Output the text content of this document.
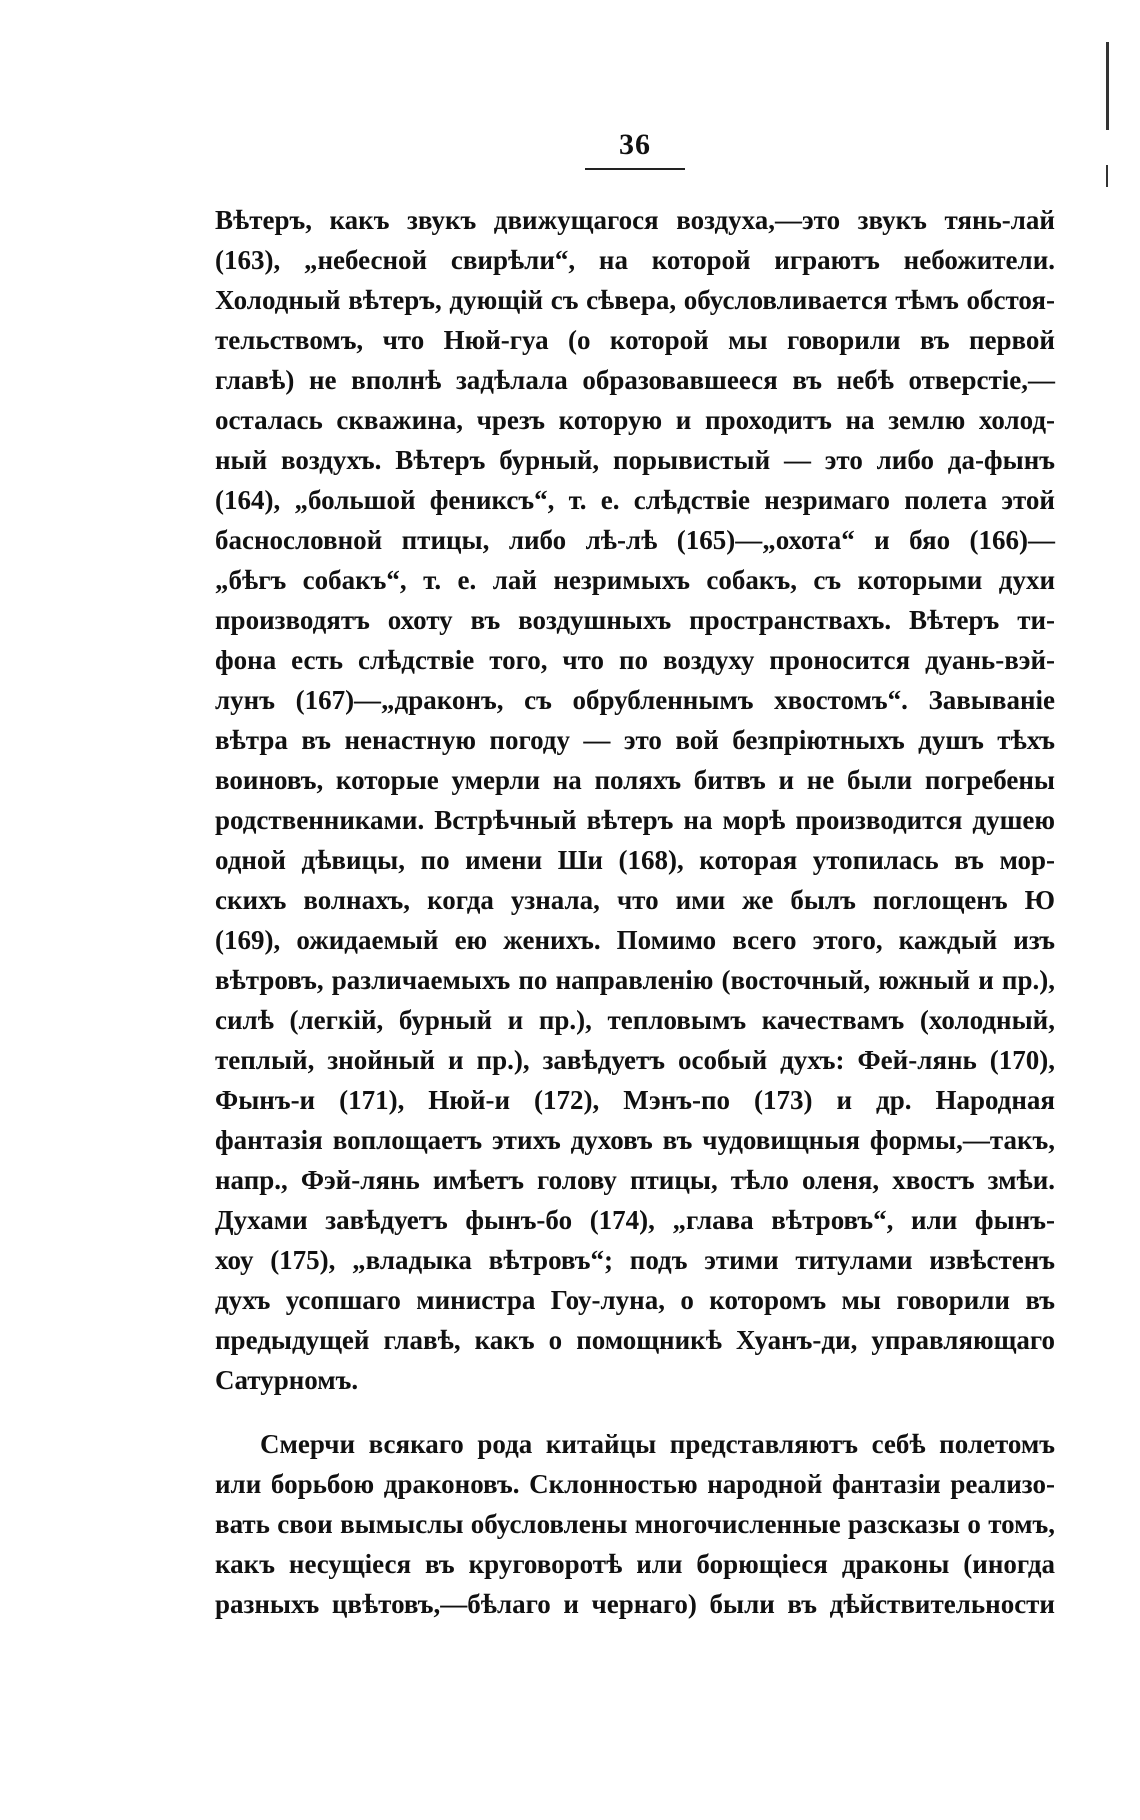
36
Вѣтеръ, какъ звукъ движущагося воздуха,—это звукъ тянь-лай
(163), „небесной свирѣли“, на которой играютъ небожители.
Холодный вѣтеръ, дующій съ сѣвера, обусловливается тѣмъ обстоя-
тельствомъ, что Нюй-гуа (о которой мы говорили въ первой
главѣ) не вполнѣ задѣлала образовавшееся въ небѣ отверстіе,—
осталась скважина, чрезъ которую и проходитъ на землю холод-
ный воздухъ. Вѣтеръ бурный, порывистый — это либо да-фынъ
(164), „большой фениксъ“, т. е. слѣдствіе незримаго полета этой
баснословной птицы, либо лѣ-лѣ (165)—„охота“ и бяо (166)—
„бѣгъ собакъ“, т. е. лай незримыхъ собакъ, съ которыми духи
производятъ охоту въ воздушныхъ пространствахъ. Вѣтеръ ти-
фона есть слѣдствіе того, что по воздуху проносится дуань-вэй-
лунъ (167)—„драконъ, съ обрубленнымъ хвостомъ“. Завываніе
вѣтра въ ненастную погоду — это вой безпріютныхъ душъ тѣхъ
воиновъ, которые умерли на поляхъ битвъ и не были погребены
родственниками. Встрѣчный вѣтеръ на морѣ производится душею
одной дѣвицы, по имени Ши (168), которая утопилась въ мор-
скихъ волнахъ, когда узнала, что ими же былъ поглощенъ Ю
(169), ожидаемый ею женихъ. Помимо всего этого, каждый изъ
вѣтровъ, различаемыхъ по направленію (восточный, южный и пр.),
силѣ (легкій, бурный и пр.), тепловымъ качествамъ (холодный,
теплый, знойный и пр.), завѣдуетъ особый духъ: Фей-лянь (170),
Фынъ-и (171), Нюй-и (172), Мэнъ-по (173) и др. Народная
фантазія воплощаетъ этихъ духовъ въ чудовищныя формы,—такъ,
напр., Фэй-лянь имѣетъ голову птицы, тѣло оленя, хвостъ змѣи.
Духами завѣдуетъ фынъ-бо (174), „глава вѣтровъ“, или фынъ-
хоу (175), „владыка вѣтровъ“; подъ этими титулами извѣстенъ
духъ усопшаго министра Гоу-луна, о которомъ мы говорили въ
предыдущей главѣ, какъ о помощникѣ Хуанъ-ди, управляющаго
Сатурномъ.
Смерчи всякаго рода китайцы представляютъ себѣ полетомъ
или борьбою драконовъ. Склонностью народной фантазіи реализо-
вать свои вымыслы обусловлены многочисленные разсказы о томъ,
какъ несущіеся въ круговоротѣ или борющіеся драконы (иногда
разныхъ цвѣтовъ,—бѣлаго и чернаго) были въ дѣйствительности
